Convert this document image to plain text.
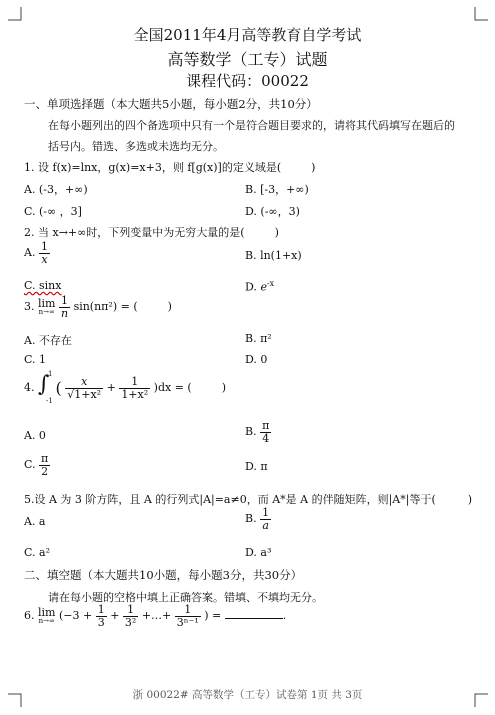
全国2011年4月高等教育自学考试
高等数学（工专）试题
课程代码：00022
一、单项选择题（本大题共5小题，每小题2分，共10分）
在每小题列出的四个备选项中只有一个是符合题目要求的，请将其代码填写在题后的
括号内。错选、多选或未选均无分。
1. 设 f(x)=lnx，g(x)=x+3，则 f[g(x)]的定义域是(	)
A. (-3，+∞)	B. [-3，+∞)
C. (-∞ ，3]	D. (-∞，3)
2. 当 x→+∞时，下列变量中为无穷大量的是(	)
A. $\frac{1}{x}$	B. ln(1+x)
C. sinx	D. $e^{-x}$
3. lim
n→∞
$\frac{1}{n} \sin(n\pi^2)$ = (	)
A. 不存在	B. π²
C. 1	D. 0
4. ∫
1
-1
( $\frac{x}{\text{√1+x²}} + \frac{1}{\text{1+x²}} )dx$ = (	)
A. 0	B. $\frac{\pi}{4}$
C. $\frac{\pi}{2}$	D. π
5.设 A 为 3 阶方阵，且 A 的行列式|A|=a≠0，而 A*是 A 的伴随矩阵，则|A*|等于(	)
A. a	B. $\frac{1}{a}$
C. a²	D. a³
二、填空题（本大题共10小题，每小题3分，共30分）
请在每小题的空格中填上正确答案。错填、不填均无分。
6. lim
n→∞ ($-3 + \frac{1}{3} + \frac{1}{\text{3²}}$ +…+ $\frac{1}{\text{3ⁿ⁻¹}}$ ) =	.
浙 00022# 高等数学（工专）试卷第 1页 共 3页
